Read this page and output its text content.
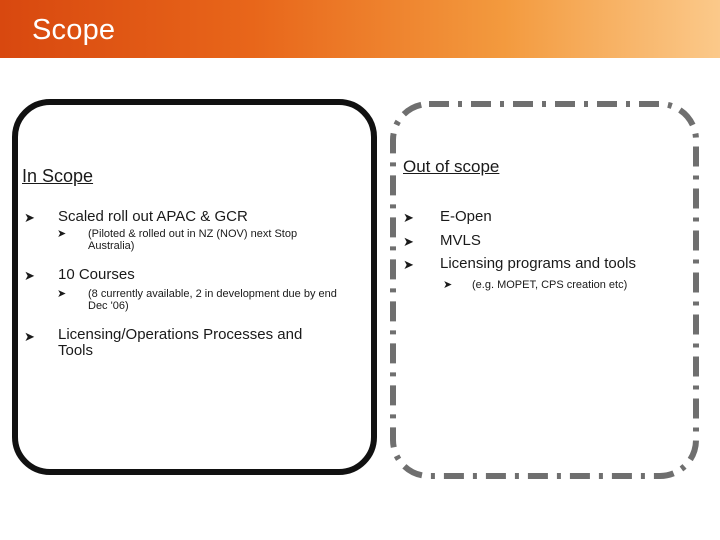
Scope
In Scope
➤ Scaled roll out APAC & GCR
➤ (Piloted & rolled out in NZ (NOV) next Stop Australia)
➤ 10 Courses
➤ (8 currently available, 2 in development due by end Dec '06)
➤ Licensing/Operations Processes and Tools
Out of scope
➤ E-Open
➤ MVLS
➤ Licensing programs and tools
➤ (e.g. MOPET, CPS creation etc)
